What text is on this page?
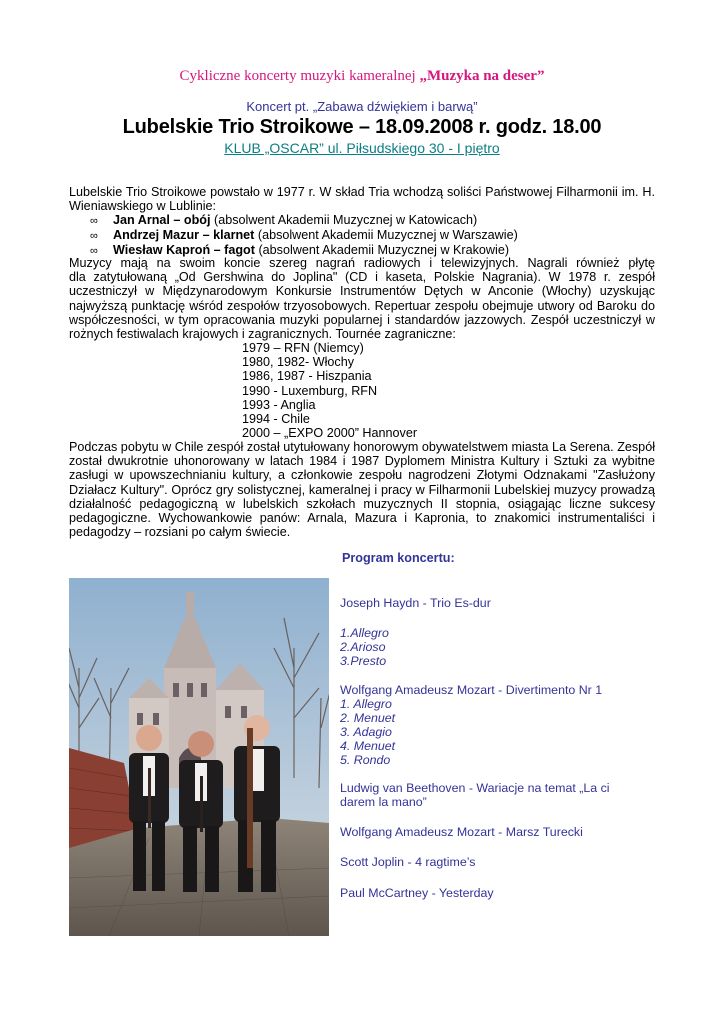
Cykliczne koncerty muzyki kameralnej „Muzyka na deser”
Koncert pt. „Zabawa dźwiękiem i barwą”
Lubelskie Trio Stroikowe – 18.09.2008 r. godz. 18.00
KLUB „OSCAR” ul. Piłsudskiego 30 - I piętro
Lubelskie Trio Stroikowe powstało w 1977 r. W skład Tria wchodzą soliści Państwowej Filharmonii im. H.
Wieniawskiego w Lublinie:
∞	Jan Arnal – obój (absolwent Akademii Muzycznej w Katowicach)
∞	Andrzej Mazur – klarnet (absolwent Akademii Muzycznej w Warszawie)
∞	Wiesław Kaproń – fagot (absolwent Akademii Muzycznej w Krakowie)
Muzycy mają na swoim koncie szereg nagrań radiowych i telewizyjnych. Nagrali również płytę
dla zatytułowaną „Od Gershwina do Joplina" (CD i kaseta, Polskie Nagrania). W 1978 r. zespół
uczestniczył w Międzynarodowym Konkursie Instrumentów Dętych w Anconie (Włochy) uzyskując
najwyższą punktację wśród zespołów trzyosobowych. Repertuar zespołu obejmuje utwory od Baroku do
współczesności, w tym opracowania muzyki popularnej i standardów jazzowych. Zespół uczestniczył w
rożnych festiwalach krajowych i zagranicznych. Tournée zagraniczne:
1979 – RFN (Niemcy)
1980, 1982- Włochy
1986, 1987 - Hiszpania
1990 - Luxemburg, RFN
1993 - Anglia
1994 - Chile
2000 – „EXPO 2000” Hannover
Podczas pobytu w Chile zespół został utytułowany honorowym obywatelstwem miasta La Serena. Zespół
został dwukrotnie uhonorowany w latach 1984 i 1987 Dyplomem Ministra Kultury i Sztuki za wybitne
zasługi w upowszechnianiu kultury, a członkowie zespołu nagrodzeni Złotymi Odznakami "Zasłużony
Działacz Kultury". Oprócz gry solistycznej, kameralnej i pracy w Filharmonii Lubelskiej muzycy prowadzą
działalność pedagogiczną w lubelskich szkołach muzycznych II stopnia, osiągając liczne sukcesy
pedagogiczne. Wychowankowie panów: Arnala, Mazura i Kapronia, to znakomici instrumentaliści i
pedagodzy – rozsiani po całym świecie.
Program koncertu:
Joseph Haydn - Trio Es-dur
1.Allegro
2.Arioso
3.Presto
Wolfgang Amadeusz Mozart - Divertimento Nr 1
1. Allegro
2. Menuet
3. Adagio
4. Menuet
5. Rondo
Ludwig van Beethoven - Wariacje na temat „La ci
darem la mano”
Wolfgang Amadeusz Mozart - Marsz Turecki
Scott Joplin - 4 ragtime’s
Paul McCartney - Yesterday
